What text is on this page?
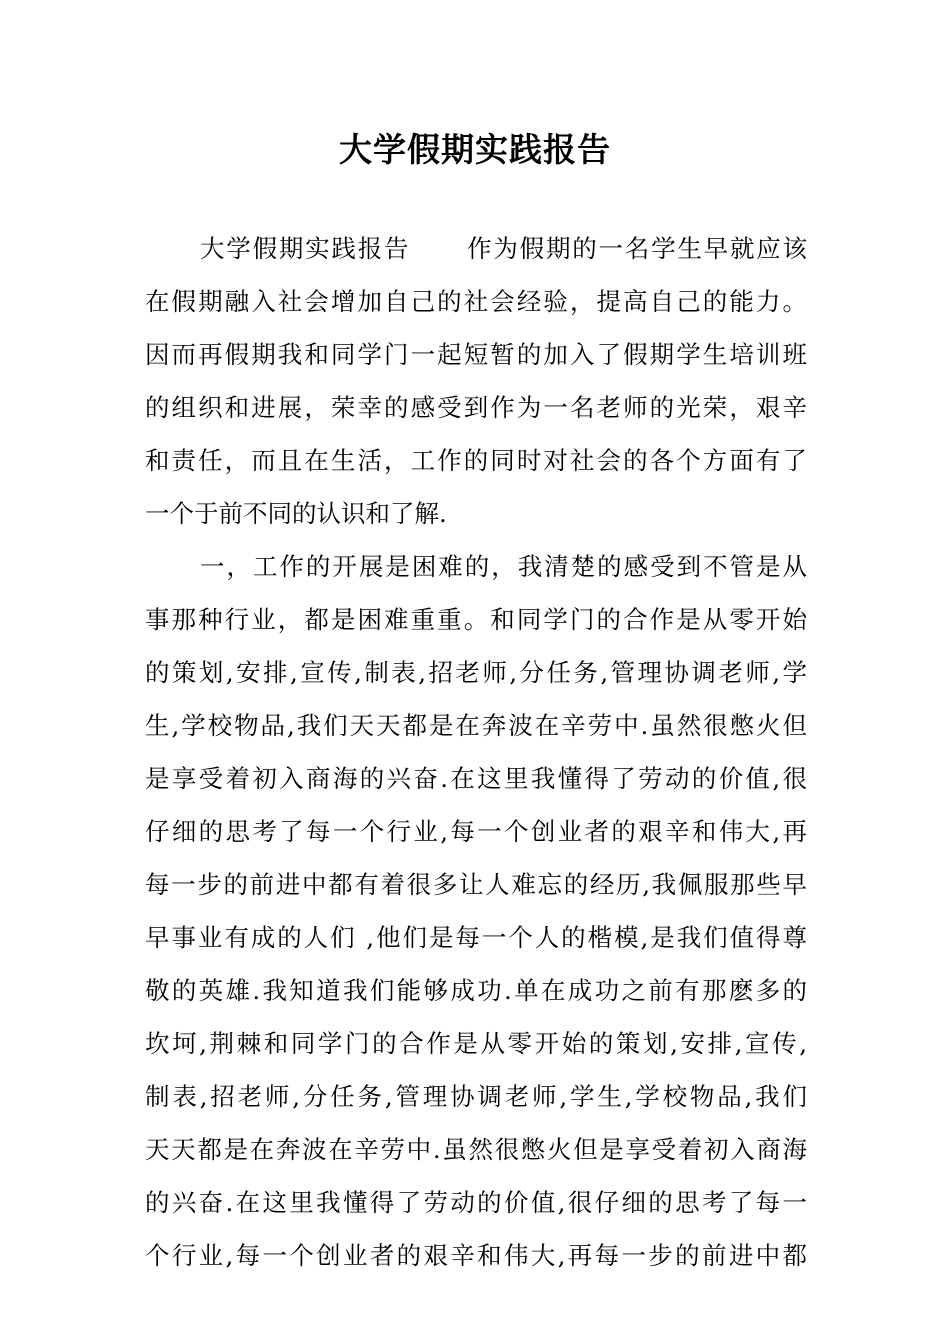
大学假期实践报告
大学假期实践报告 作为假期的一名学生早就应该
在假期融入社会增加自己的社会经验，提高自己的能力。
因而再假期我和同学门一起短暂的加入了假期学生培训班
的组织和进展，荣幸的感受到作为一名老师的光荣，艰辛
和责任，而且在生活，工作的同时对社会的各个方面有了
一个于前不同的认识和了解.
一，工作的开展是困难的，我清楚的感受到不管是从
事那种行业，都是困难重重。和同学门的合作是从零开始
的策划,安排,宣传,制表,招老师,分任务,管理协调老师,学
生,学校物品,我们天天都是在奔波在辛劳中.虽然很憋火但
是享受着初入商海的兴奋.在这里我懂得了劳动的价值,很
仔细的思考了每一个行业,每一个创业者的艰辛和伟大,再
每一步的前进中都有着很多让人难忘的经历,我佩服那些早
早事业有成的人们 ,他们是每一个人的楷模,是我们值得尊
敬的英雄.我知道我们能够成功.单在成功之前有那麽多的
坎坷,荆棘和同学门的合作是从零开始的策划,安排,宣传,
制表,招老师,分任务,管理协调老师,学生,学校物品,我们
天天都是在奔波在辛劳中.虽然很憋火但是享受着初入商海
的兴奋.在这里我懂得了劳动的价值,很仔细的思考了每一
个行业,每一个创业者的艰辛和伟大,再每一步的前进中都
